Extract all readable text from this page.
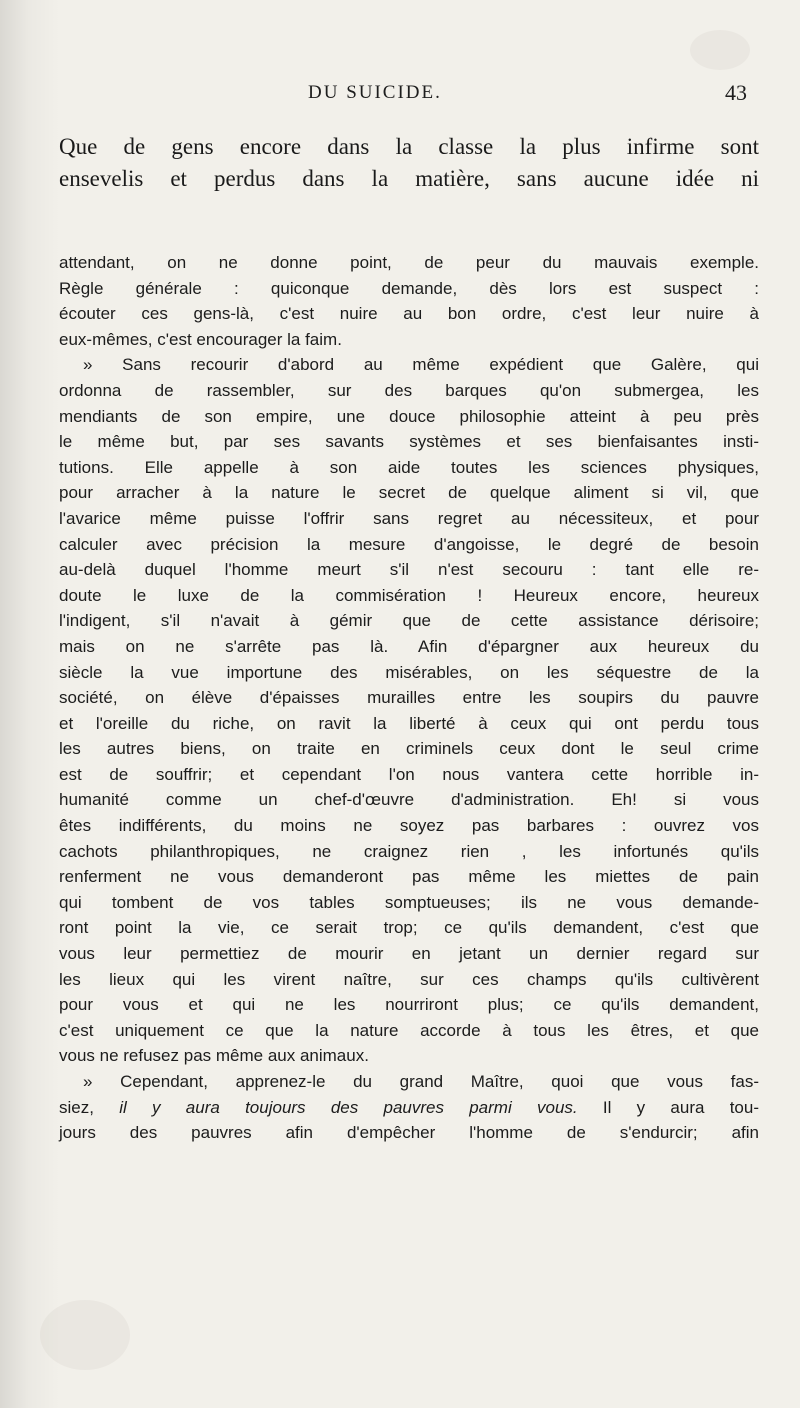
DU SUICIDE.	43
Que de gens encore dans la classe la plus infirme sont
ensevelis et perdus dans la matière, sans aucune idée ni
attendant, on ne donne point, de peur du mauvais exemple.
Règle générale : quiconque demande, dès lors est suspect :
écouter ces gens-là, c'est nuire au bon ordre, c'est leur nuire à
eux-mêmes, c'est encourager la faim.
» Sans recourir d'abord au même expédient que Galère, qui
ordonna de rassembler, sur des barques qu'on submergea, les
mendiants de son empire, une douce philosophie atteint à peu près
le même but, par ses savants systèmes et ses bienfaisantes insti-
tutions. Elle appelle à son aide toutes les sciences physiques,
pour arracher à la nature le secret de quelque aliment si vil, que
l'avarice même puisse l'offrir sans regret au nécessiteux, et pour
calculer avec précision la mesure d'angoisse, le degré de besoin
au-delà duquel l'homme meurt s'il n'est secouru : tant elle re-
doute le luxe de la commisération ! Heureux encore, heureux
l'indigent, s'il n'avait à gémir que de cette assistance dérisoire;
mais on ne s'arrête pas là. Afin d'épargner aux heureux du
siècle la vue importune des misérables, on les séquestre de la
société, on élève d'épaisses murailles entre les soupirs du pauvre
et l'oreille du riche, on ravit la liberté à ceux qui ont perdu tous
les autres biens, on traite en criminels ceux dont le seul crime
est de souffrir; et cependant l'on nous vantera cette horrible in-
humanité comme un chef-d'œuvre d'administration. Eh! si vous
êtes indifférents, du moins ne soyez pas barbares : ouvrez vos
cachots philanthropiques, ne craignez rien , les infortunés qu'ils
renferment ne vous demanderont pas même les miettes de pain
qui tombent de vos tables somptueuses; ils ne vous demande-
ront point la vie, ce serait trop; ce qu'ils demandent, c'est que
vous leur permettiez de mourir en jetant un dernier regard sur
les lieux qui les virent naître, sur ces champs qu'ils cultivèrent
pour vous et qui ne les nourriront plus; ce qu'ils demandent,
c'est uniquement ce que la nature accorde à tous les êtres, et que
vous ne refusez pas même aux animaux.
» Cependant, apprenez-le du grand Maître, quoi que vous fas-
siez, il y aura toujours des pauvres parmi vous. Il y aura tou-
jours des pauvres afin d'empêcher l'homme de s'endurcir; afin
